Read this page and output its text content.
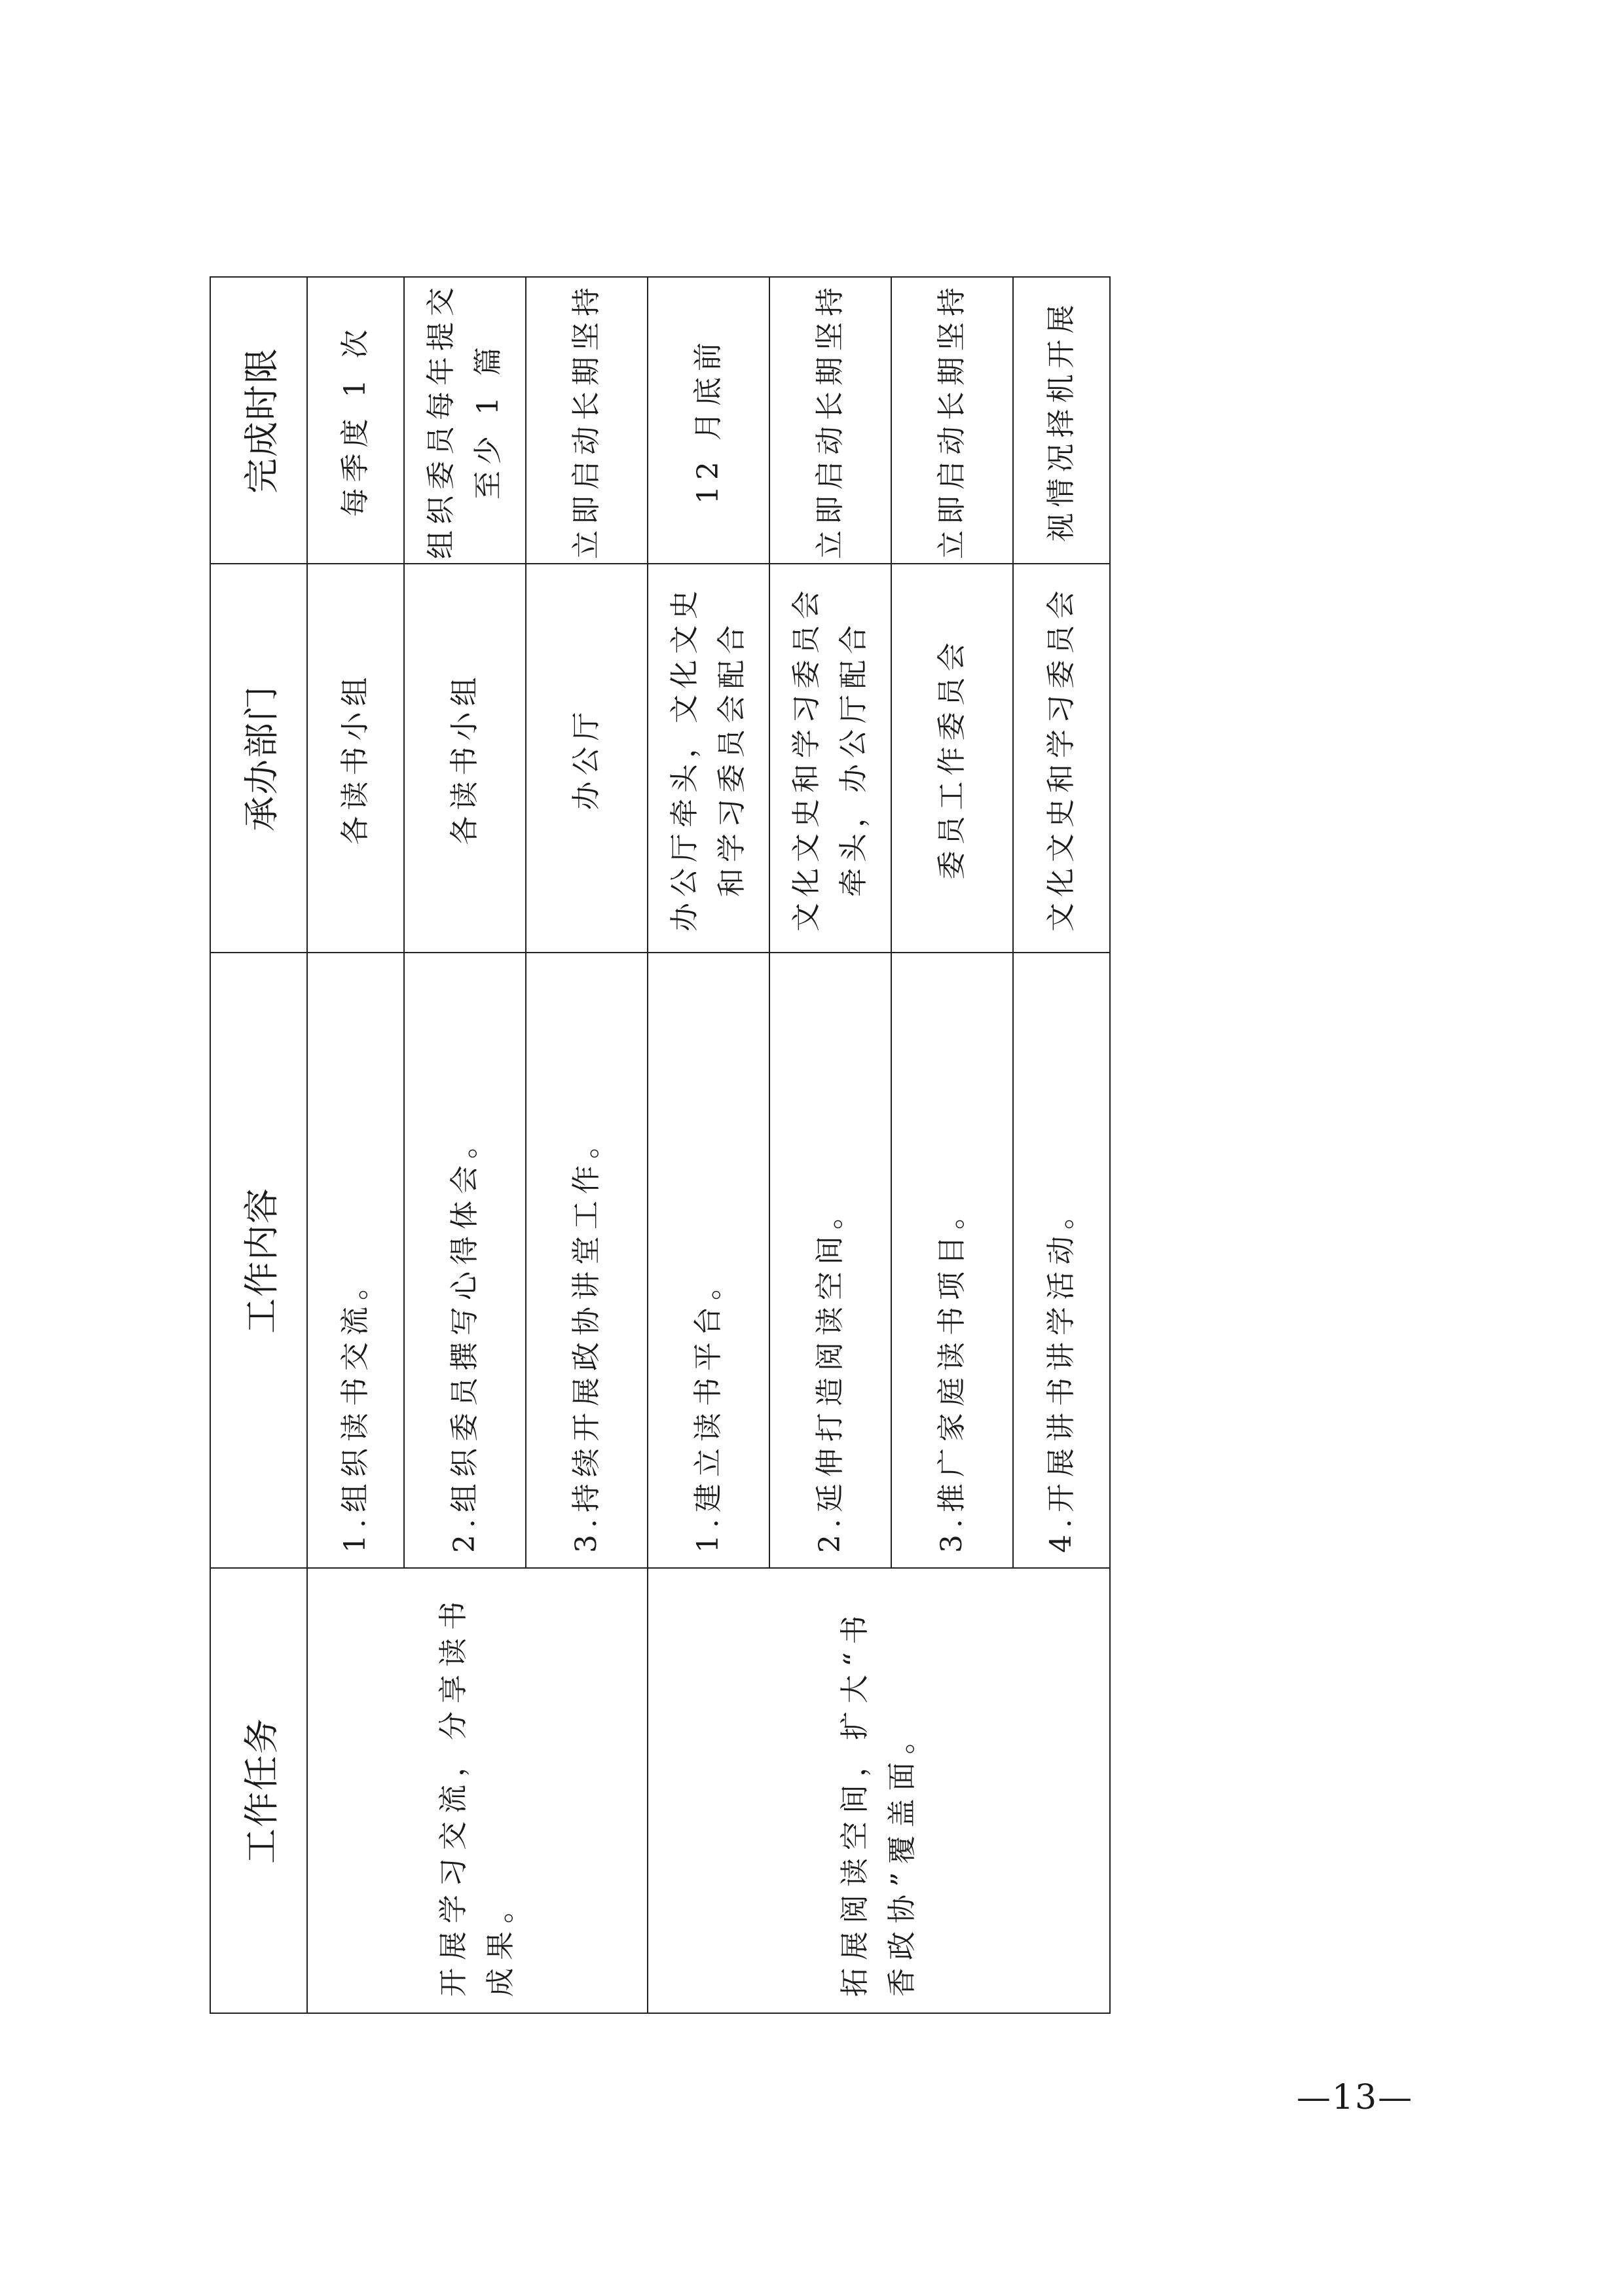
工作任务	工作内容	承办部门	完成时限
开展学习交流，分享读书成果。	1.组织读书交流。	各读书小组	每季度 1 次
	2.组织委员撰写心得体会。	各读书小组	组织委员每年提交至少 1 篇
	3.持续开展政协讲堂工作。	办公厅	立即启动长期坚持
拓展阅读空间，扩大“书香政协”覆盖面。	1.建立读书平台。	办公厅牵头，文化文史和学习委员会配合	12 月底前
	2.延伸打造阅读空间。	文化文史和学习委员会牵头，办公厅配合	立即启动长期坚持
	3.推广家庭读书项目。	委员工作委员会	立即启动长期坚持
	4.开展讲书讲学活动。	文化文史和学习委员会	视情况择机开展
—13—
